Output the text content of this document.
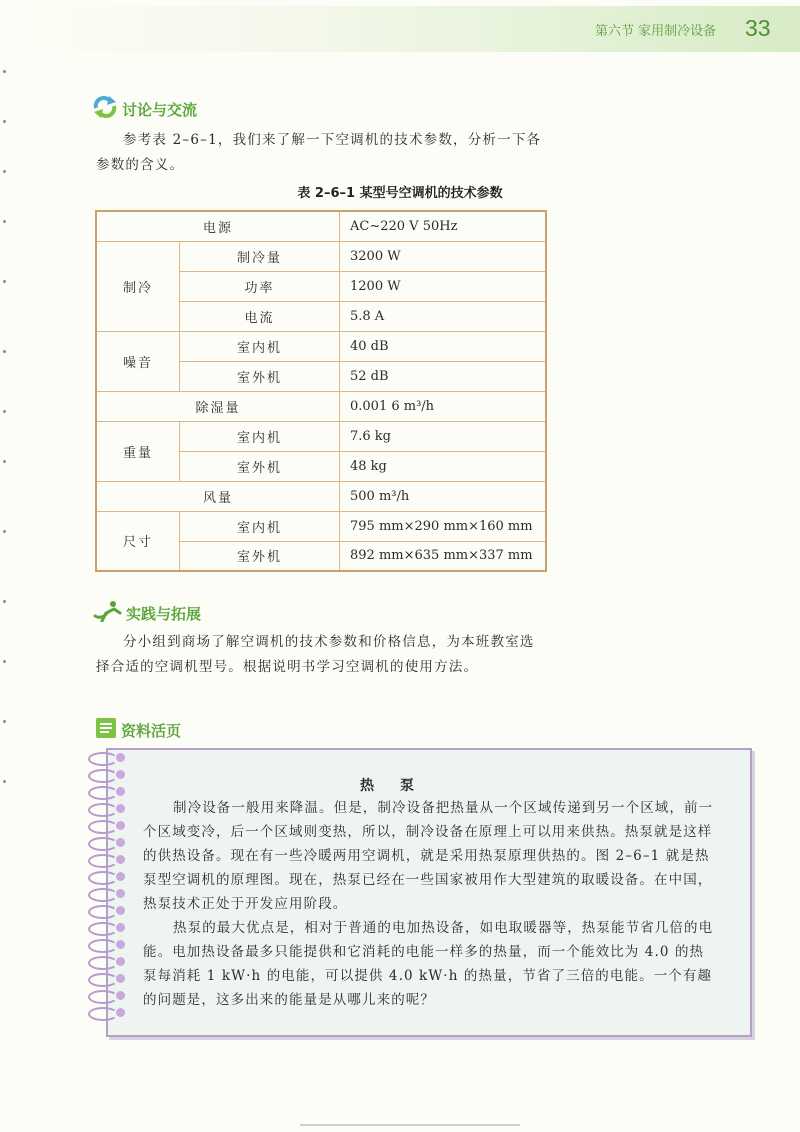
第六节 家用制冷设备 33
讨论与交流
参考表 2–6–1，我们来了解一下空调机的技术参数，分析一下各参数的含义。
表 2–6–1 某型号空调机的技术参数
电源		AC~220 V 50Hz
制冷	制冷量	3200 W
	功率	1200 W
	电流	5.8 A
噪音	室内机	40 dB
	室外机	52 dB
除湿量		0.001 6 m³/h
重量	室内机	7.6 kg
	室外机	48 kg
风量		500 m³/h
尺寸	室内机	795 mm×290 mm×160 mm
	室外机	892 mm×635 mm×337 mm
实践与拓展
分小组到商场了解空调机的技术参数和价格信息，为本班教室选择合适的空调机型号。根据说明书学习空调机的使用方法。
资料活页
热泵
制冷设备一般用来降温。但是，制冷设备把热量从一个区域传递到另一个区域，前一个区域变冷，后一个区域则变热，所以，制冷设备在原理上可以用来供热。热泵就是这样的供热设备。现在有一些冷暖两用空调机，就是采用热泵原理供热的。图 2–6–1 就是热泵型空调机的原理图。现在，热泵已经在一些国家被用作大型建筑的取暖设备。在中国，热泵技术正处于开发应用阶段。
热泵的最大优点是，相对于普通的电加热设备，如电取暖器等，热泵能节省几倍的电能。电加热设备最多只能提供和它消耗的电能一样多的热量，而一个能效比为 4.0 的热泵每消耗 1 kW·h 的电能，可以提供 4.0 kW·h 的热量，节省了三倍的电能。一个有趣的问题是，这多出来的能量是从哪儿来的呢？
